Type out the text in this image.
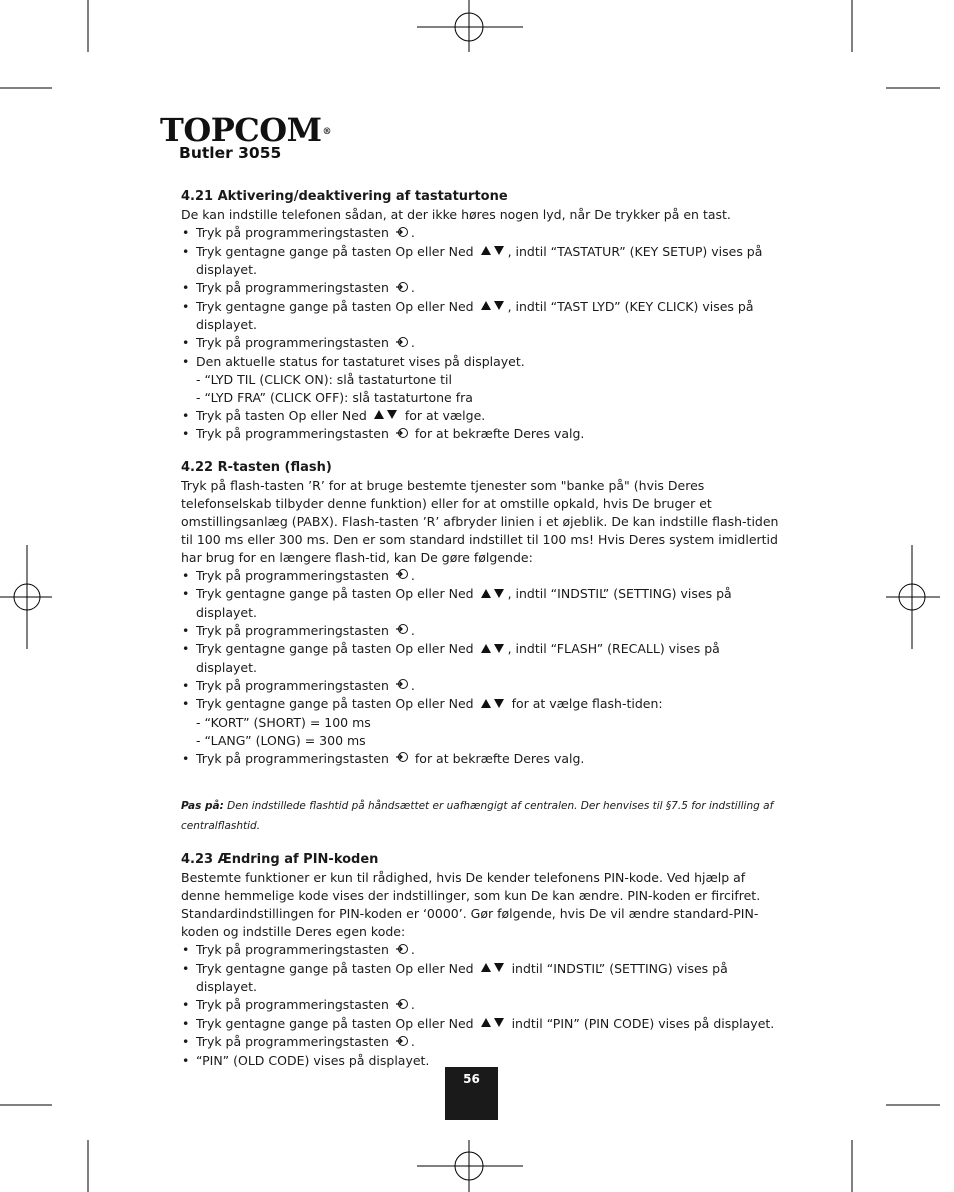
TOPCOM®
Butler 3055
4.21 Aktivering/deaktivering af tastaturtone

De kan indstille telefonen sådan, at der ikke høres nogen lyd, når De trykker på en tast.

• Tryk på programmeringstasten .
• Tryk gentagne gange på tasten Op eller Ned	, indtil “TASTATUR” (KEY SETUP) vises på displayet.
• Tryk på programmeringstasten .
• Tryk gentagne gange på tasten Op eller Ned	, indtil “TAST LYD” (KEY CLICK) vises på displayet.
• Tryk på programmeringstasten .
• Den aktuelle status for tastaturet vises på displayet.
- “LYD TIL (CLICK ON): slå tastaturtone til
- “LYD FRA” (CLICK OFF): slå tastaturtone fra
• Tryk på tasten Op eller Ned	for at vælge.
• Tryk på programmeringstasten for at bekræfte Deres valg.
4.22 R-tasten (flash)

Tryk på flash-tasten ’R’ for at bruge bestemte tjenester som "banke på" (hvis Deres telefonselskab tilbyder denne funktion) eller for at omstille opkald, hvis De bruger et omstillingsanlæg (PABX). Flash-tasten ’R’ afbryder linien i et øjeblik. De kan indstille flash-tiden til 100 ms eller 300 ms. Den er som standard indstillet til 100 ms! Hvis Deres system imidlertid har brug for en længere flash-tid, kan De gøre følgende:

• Tryk på programmeringstasten .
• Tryk gentagne gange på tasten Op eller Ned	, indtil “INDSTIL” (SETTING) vises på displayet.
• Tryk på programmeringstasten .
• Tryk gentagne gange på tasten Op eller Ned	, indtil “FLASH” (RECALL) vises på displayet.
• Tryk på programmeringstasten .
• Tryk gentagne gange på tasten Op eller Ned	for at vælge flash-tiden:
- “KORT” (SHORT) = 100 ms
- “LANG” (LONG) = 300 ms
• Tryk på programmeringstasten for at bekræfte Deres valg.

Pas på: Den indstillede flashtid på håndsættet er uafhængigt af centralen. Der henvises til §7.5 for indstilling af centralflashtid.

4.23 Ændring af PIN-koden

Bestemte funktioner er kun til rådighed, hvis De kender telefonens PIN-kode. Ved hjælp af denne hemmelige kode vises der indstillinger, som kun De kan ændre. PIN-koden er fircifret. Standardindstillingen for PIN-koden er ‘0000’. Gør følgende, hvis De vil ændre standard-PIN-koden og indstille Deres egen kode:

• Tryk på programmeringstasten .
• Tryk gentagne gange på tasten Op eller Ned	indtil “INDSTIL” (SETTING) vises på displayet.
• Tryk på programmeringstasten .
• Tryk gentagne gange på tasten Op eller Ned	indtil “PIN” (PIN CODE) vises på displayet.
• Tryk på programmeringstasten .
• “PIN” (OLD CODE) vises på displayet.
56
